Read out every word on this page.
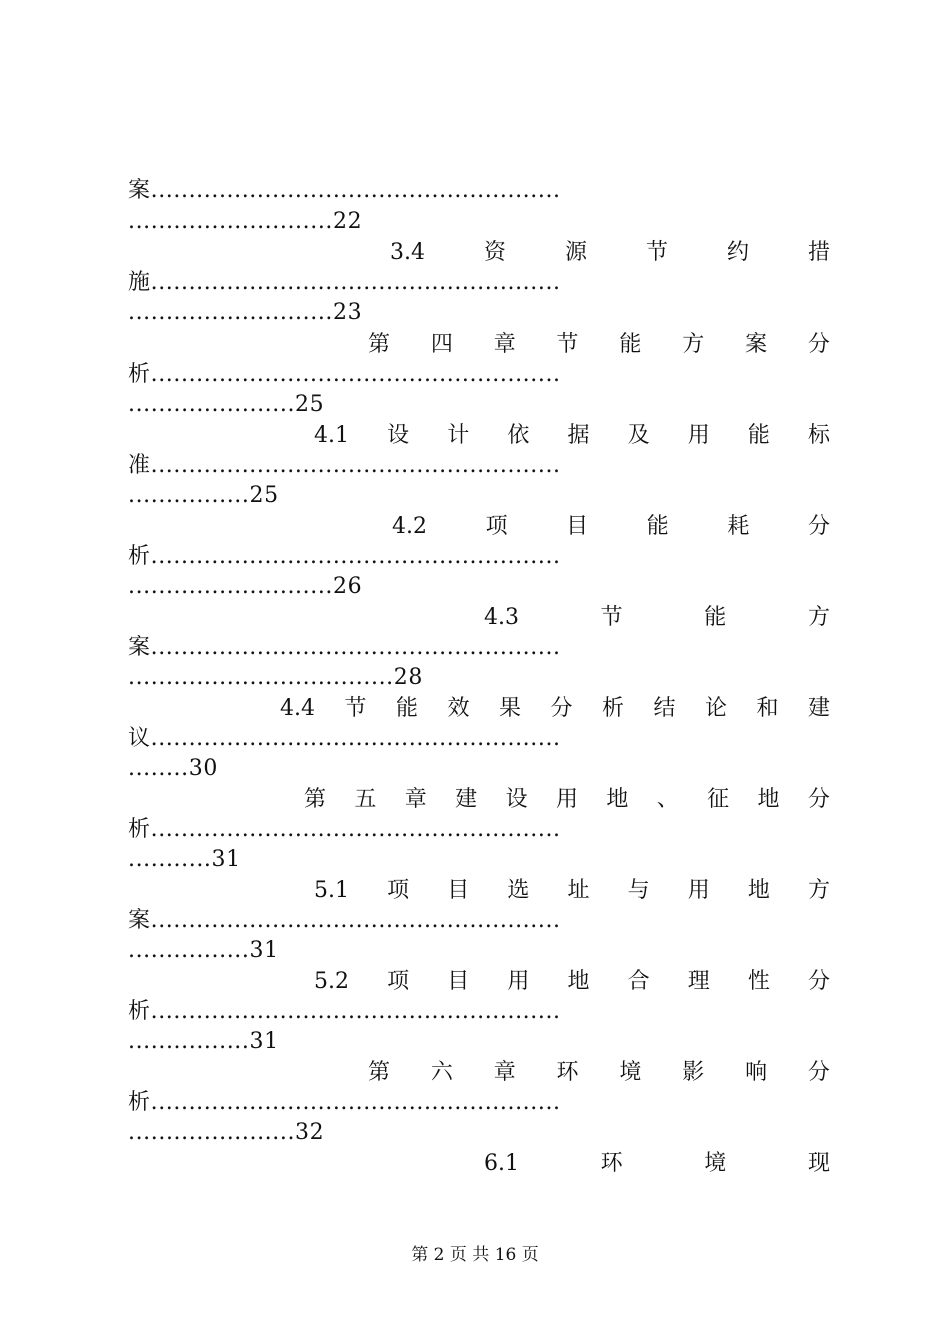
案......................................................
...........................22
3.4	资	源	节	约	措
施......................................................
...........................23
第 四 章 节 能 方 案 分
析......................................................
......................25
4.1 设 计 依 据 及 用 能 标
准......................................................
................25
4.2	项	目	能	耗	分
析......................................................
...........................26
4.3	节	能	方
案......................................................
...................................28
4.4 节 能 效 果 分 析 结 论 和 建
议......................................................
........30
第 五 章 建 设 用 地 、 征 地 分
析......................................................
...........31
5.1 项 目 选 址 与 用 地 方
案......................................................
................31
5.2 项 目 用 地 合 理 性 分
析......................................................
................31
第 六 章 环 境 影 响 分
析......................................................
......................32
6.1	环	境	现
第 2 页 共 16 页
